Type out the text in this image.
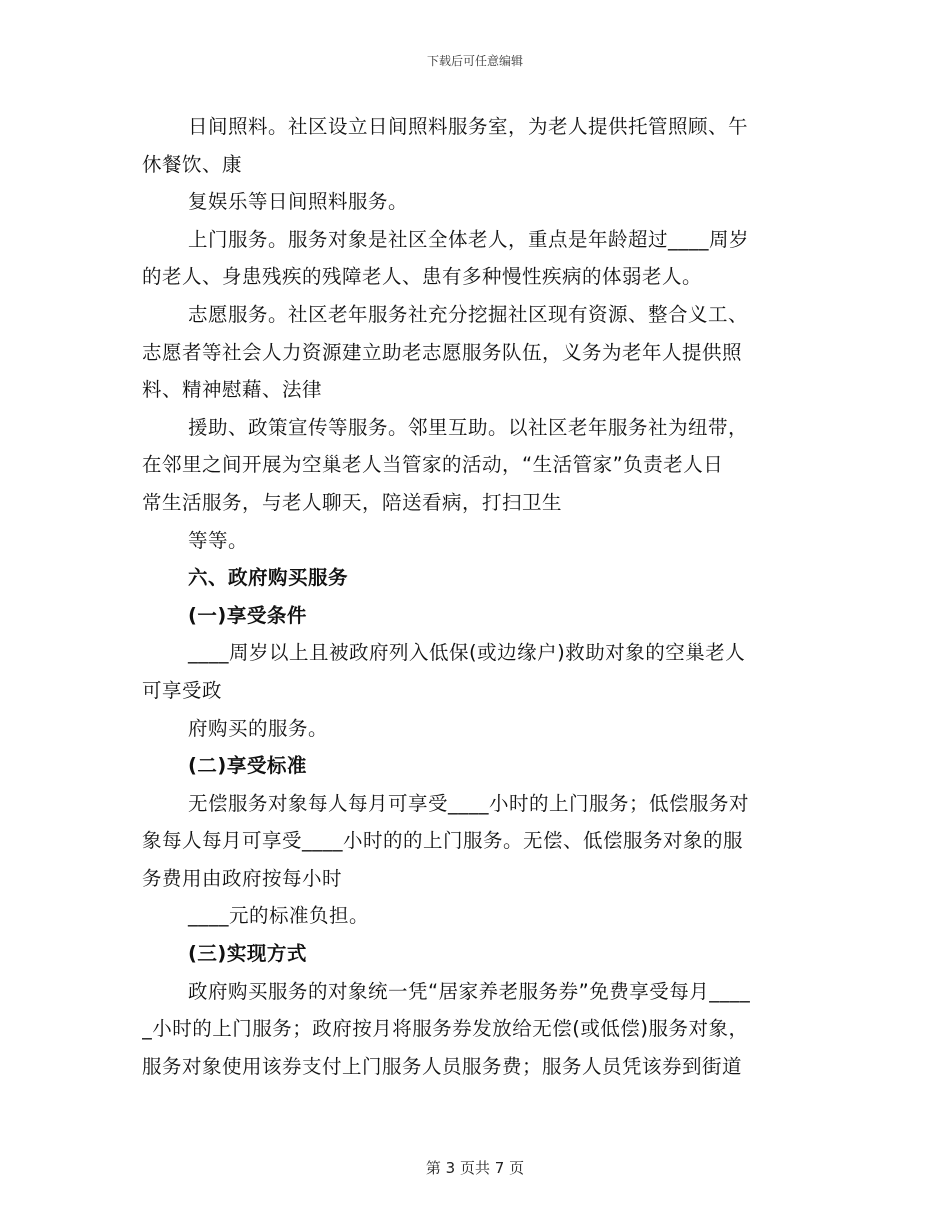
下载后可任意编辑
日间照料。社区设立日间照料服务室，为老人提供托管照顾、午
休餐饮、康
复娱乐等日间照料服务。
上门服务。服务对象是社区全体老人，重点是年龄超过____周岁
的老人、身患残疾的残障老人、患有多种慢性疾病的体弱老人。
志愿服务。社区老年服务社充分挖掘社区现有资源、整合义工、
志愿者等社会人力资源建立助老志愿服务队伍，义务为老年人提供照
料、精神慰藉、法律
援助、政策宣传等服务。邻里互助。以社区老年服务社为纽带，
在邻里之间开展为空巢老人当管家的活动，“生活管家”负责老人日
常生活服务，与老人聊天，陪送看病，打扫卫生
等等。
六、政府购买服务
(一)享受条件
____周岁以上且被政府列入低保(或边缘户)救助对象的空巢老人
可享受政
府购买的服务。
(二)享受标准
无偿服务对象每人每月可享受____小时的上门服务；低偿服务对
象每人每月可享受____小时的的上门服务。无偿、低偿服务对象的服
务费用由政府按每小时
____元的标准负担。
(三)实现方式
政府购买服务的对象统一凭“居家养老服务券”免费享受每月____
_小时的上门服务；政府按月将服务券发放给无偿(或低偿)服务对象，
服务对象使用该券支付上门服务人员服务费；服务人员凭该券到街道
第 3 页共 7 页
